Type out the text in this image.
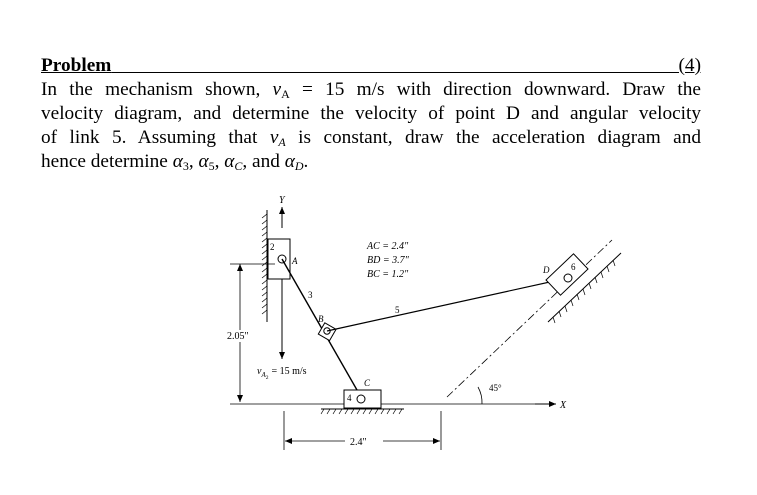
Problem	(4)
In the mechanism shown, $v_A = 15$ m/s with direction downward. Draw the
velocity diagram, and determine the velocity of point D and angular velocity
of link 5. Assuming that $v_A$ is constant, draw the acceleration diagram and
hence determine $\alpha_3$, $\alpha_5$, $\alpha_C$, and $\alpha_D$.
Y
2
A
2.05"
X
$v_{A2}= 15$ m/s
3
B
5
4
C
2.4"
45°
D 6
AC = 2.4"
BD = 3.7"
BC = 1.2"
